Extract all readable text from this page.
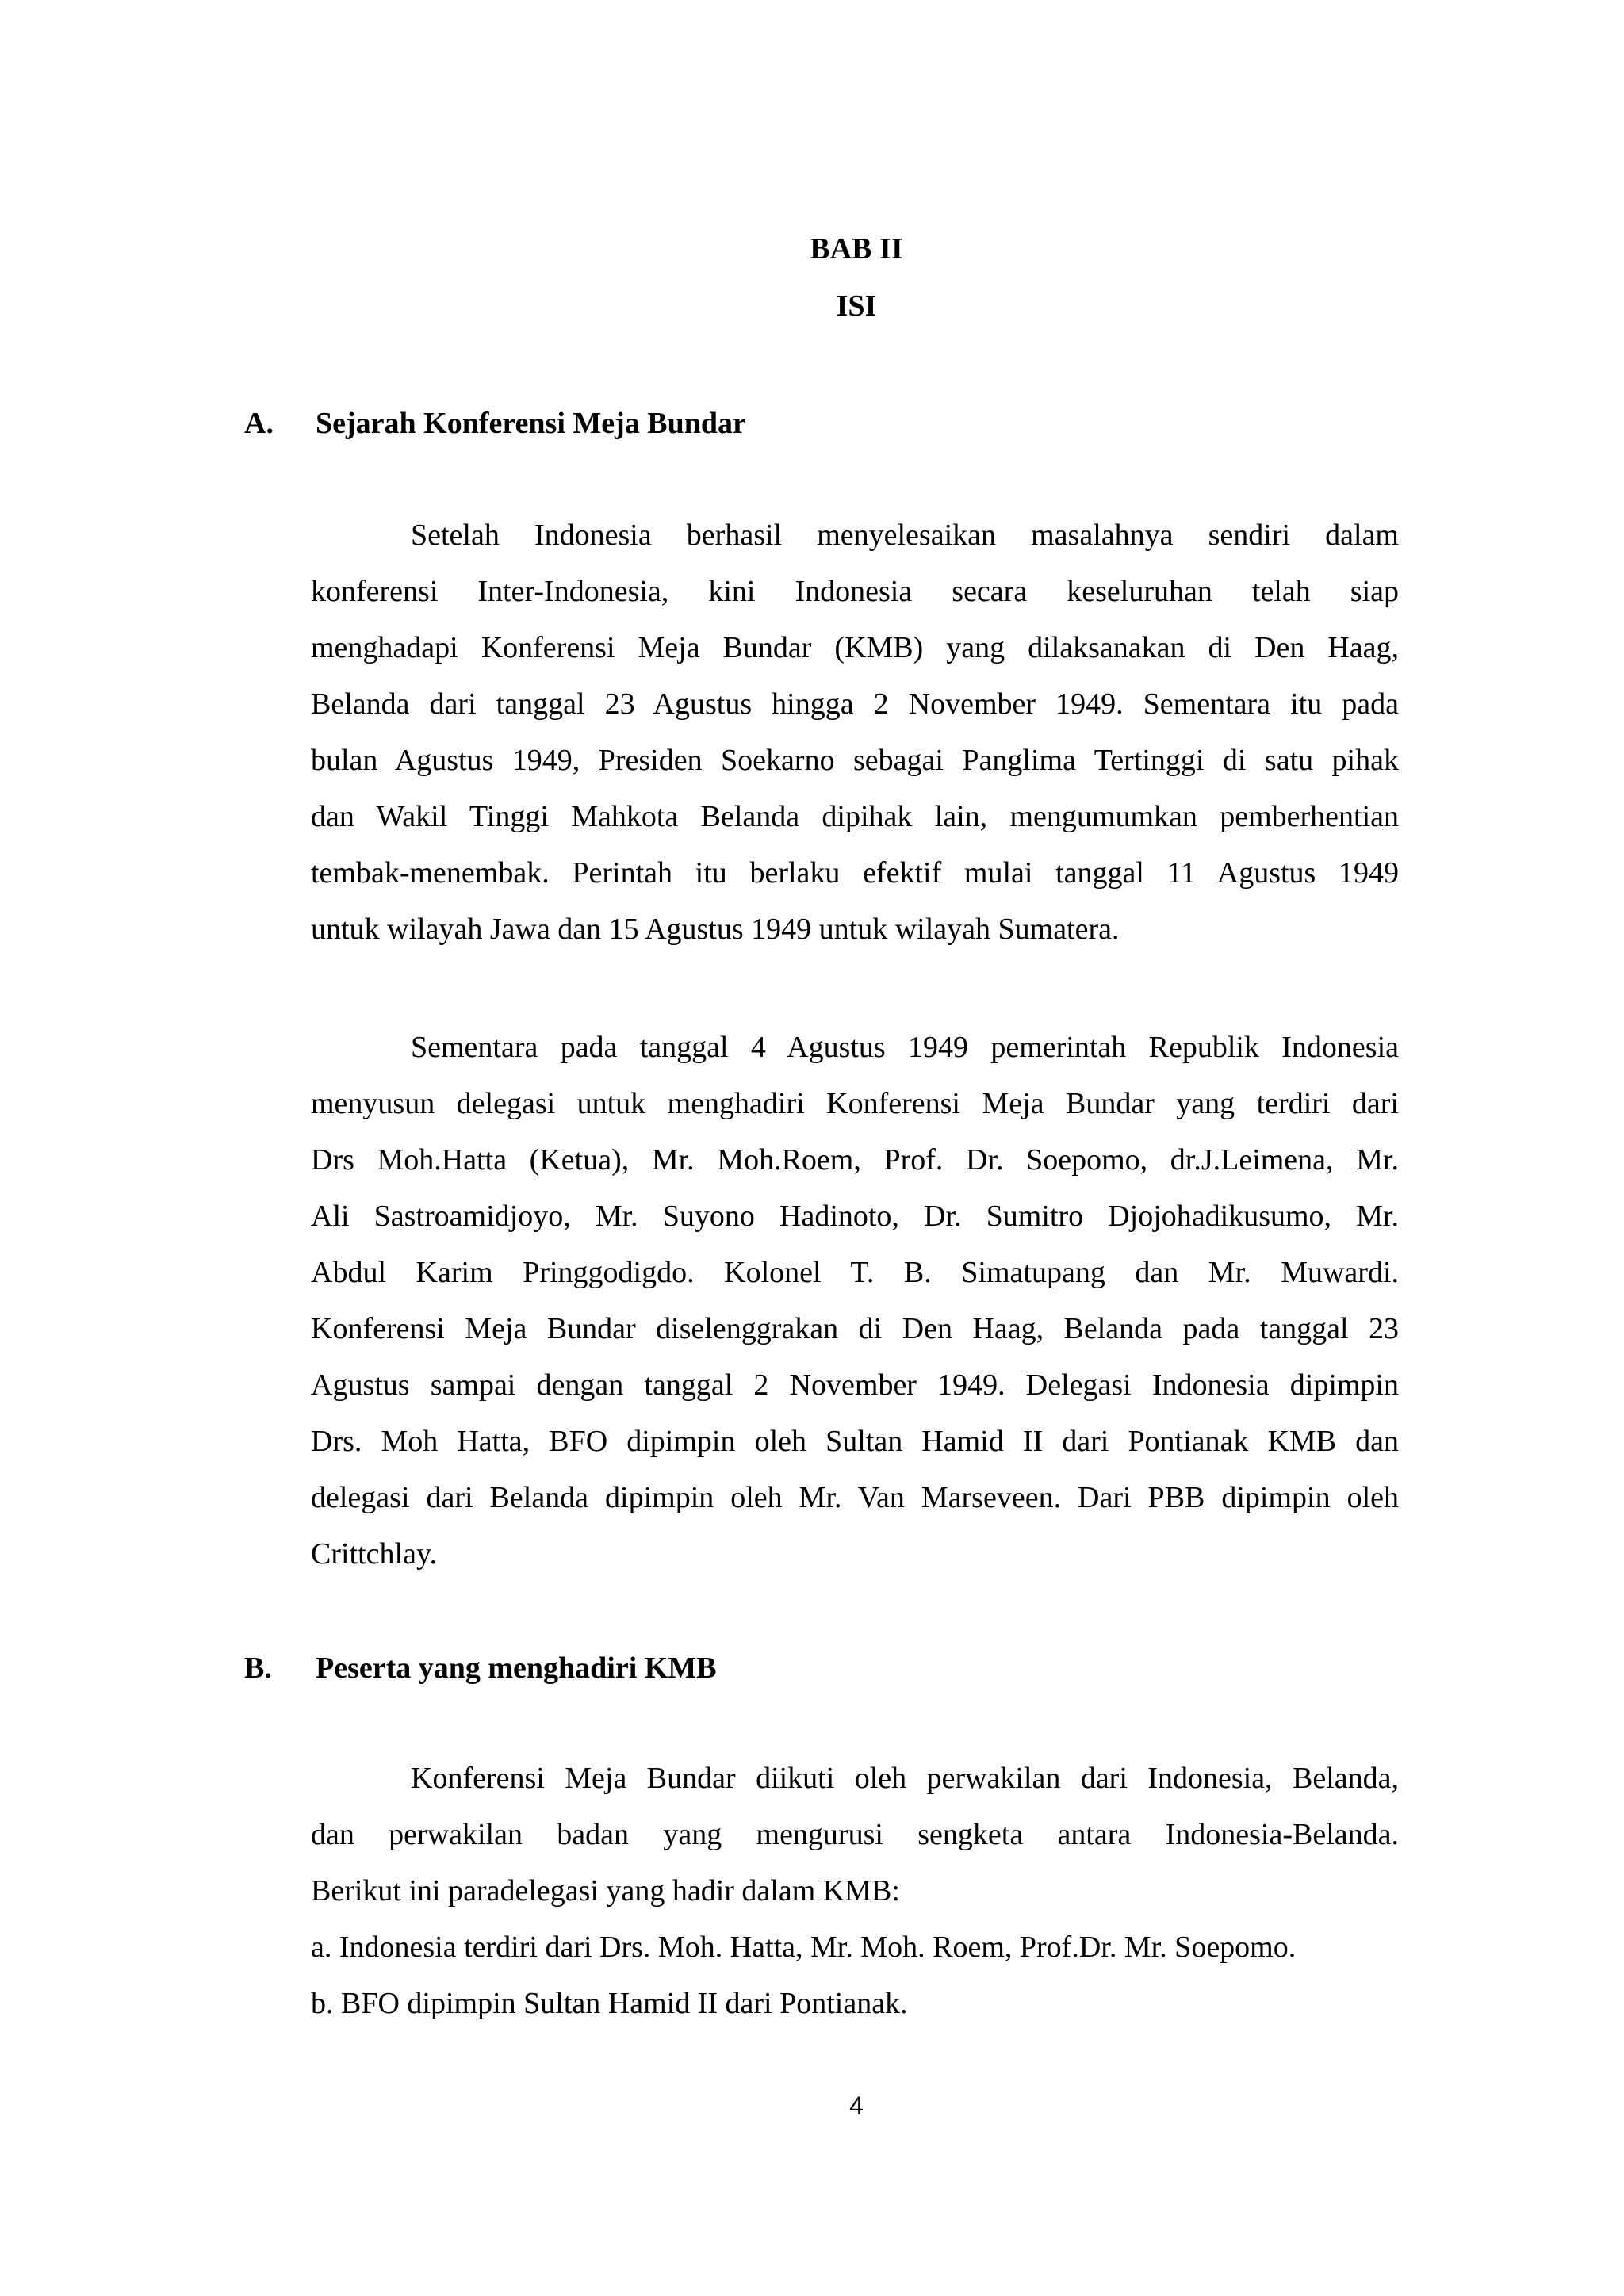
BAB II
ISI
A. Sejarah Konferensi Meja Bundar
Setelah Indonesia berhasil menyelesaikan masalahnya sendiri dalam
konferensi Inter-Indonesia, kini Indonesia secara keseluruhan telah siap
menghadapi Konferensi Meja Bundar (KMB) yang dilaksanakan di Den Haag,
Belanda dari tanggal 23 Agustus hingga 2 November 1949. Sementara itu pada
bulan Agustus 1949, Presiden Soekarno sebagai Panglima Tertinggi di satu pihak
dan Wakil Tinggi Mahkota Belanda dipihak lain, mengumumkan pemberhentian
tembak-menembak. Perintah itu berlaku efektif mulai tanggal 11 Agustus 1949
untuk wilayah Jawa dan 15 Agustus 1949 untuk wilayah Sumatera.
Sementara pada tanggal 4 Agustus 1949 pemerintah Republik Indonesia
menyusun delegasi untuk menghadiri Konferensi Meja Bundar yang terdiri dari
Drs Moh.Hatta (Ketua), Mr. Moh.Roem, Prof. Dr. Soepomo, dr.J.Leimena, Mr.
Ali Sastroamidjoyo, Mr. Suyono Hadinoto, Dr. Sumitro Djojohadikusumo, Mr.
Abdul Karim Pringgodigdo. Kolonel T. B. Simatupang dan Mr. Muwardi.
Konferensi Meja Bundar diselenggrakan di Den Haag, Belanda pada tanggal 23
Agustus sampai dengan tanggal 2 November 1949. Delegasi Indonesia dipimpin
Drs. Moh Hatta, BFO dipimpin oleh Sultan Hamid II dari Pontianak KMB dan
delegasi dari Belanda dipimpin oleh Mr. Van Marseveen. Dari PBB dipimpin oleh
Crittchlay.
B. Peserta yang menghadiri KMB
Konferensi Meja Bundar diikuti oleh perwakilan dari Indonesia, Belanda,
dan perwakilan badan yang mengurusi sengketa antara Indonesia-Belanda.
Berikut ini paradelegasi yang hadir dalam KMB:
a. Indonesia terdiri dari Drs. Moh. Hatta, Mr. Moh. Roem, Prof.Dr. Mr. Soepomo.
b. BFO dipimpin Sultan Hamid II dari Pontianak.
4
